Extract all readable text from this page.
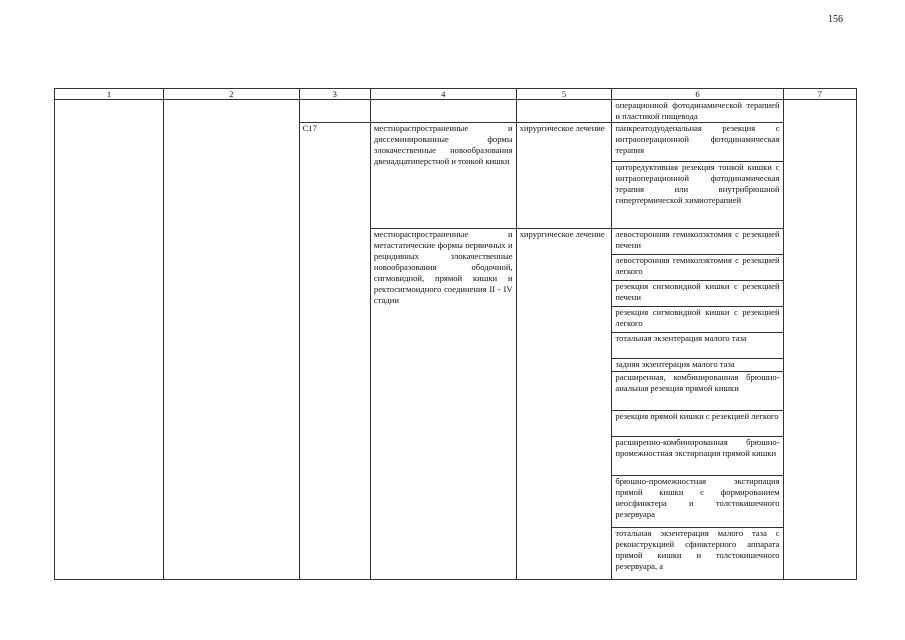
156
1	2	3	4	5	6	7
					операционной фотодинамической терапией и пластикой пищевода	
		C17	местнораспространенные и диссеминированные формы злокачественные новообразования двенадцатиперстной и тонкой кишки	хирургическое лечение	панкреатодуоденальная резекция с интраоперационной фотодинамическая терапия	
					циторедуктивная резекция тонкой кишки с интраоперационной фотодинамическая терапия или внутрибрюшной гипертермической химиотерапией	
			местнораспространенные и метастатические формы первичных и рецидивных злокачественные новообразования ободочной, сигмовидной, прямой кишки и ректосигмоидного соединения II - IV стадии	хирургическое лечение	левосторонняя гемиколэктомия с резекцией печени	
					левосторонняя гемиколэктомия с резекцией легкого	
					резекция сигмовидной кишки с резекцией печени	
					резекция сигмовидной кишки с резекцией легкого	
					тотальная экзентерация малого таза	
					задняя экзентерация малого таза	
					расширенная, комбинированная брюшно-анальная резекция прямой кишки	
					резекция прямой кишки с резекцией легкого	
					расширенно-комбинированная брюшно-промежностная экстирпация прямой кишки	
					брюшно-промежностная экстирпация прямой кишки с формированием неосфинктера и толстокишечного резервуара	
					тотальная экзентерация малого таза с реконструкцией сфинктерного аппарата прямой кишки и толстокишечного резервуара, а	
